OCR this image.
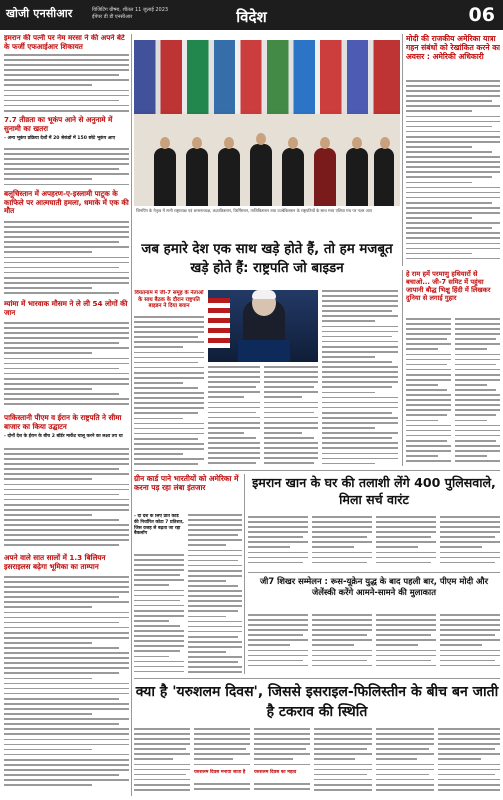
खोजी एनसीआर	विजिटिंग ग्रीष्मा, शीतल 11 जुलाई 2023
ईपेपर डी डी एनसीआर	विदेश	06
इमरान की पत्नी पर नेम मरसा ने की अपने बेटे के फर्जी एफआईआर शिकायत
7.7 तीव्रता का भूकंप आने से अनुनामे में सुनामी का खतरा
- अन्य भूकंप प्रक्रिया देशों में 20 सेकंडों में 150 छोटे भूकंप आए
बलूचिस्तान में अपहरण-ए-इस्लामी पाटूक के काफिले पर आत्मघाती हमला, धमाके में एक की मौत
म्यांमा में भारवाक मौसम ने ले ली 54 लोगों की जान
पाकिस्तानी पीएम व ईरान के राष्ट्रपति ने सीमा बाजार का किया उद्घाटन
- दोनों देश के ईरान के बीच 2 बॉर्डर मार्केट चालू करने का लक्ष्य तय था
अपने वाले सात सालों में 1.3 बिलियन इसराइलस बढ़ेगा भूमिका का ताम्पान
जिनपिंग के नेतृत्व में सभी राष्ट्राध्यक्ष एवं शासनाध्यक्ष, कज़ाकिस्तान, किर्गिस्तान, ताजिकिस्तान तथा उज्बेकिस्तान के राष्ट्रपतियों के साथ मध्य एशिया मंच पर नज़र आए
मोदी की राजकीय अमेरिका यात्रा गहन संबंधों को रेखांकित करने का अवसर : अमेरिकी अधिकारी
जब हमारे देश एक साथ खड़े होते हैं, तो हम मजबूत खड़े होते हैं: राष्ट्रपति जो बाइडन
वियतनाम में जी-7 समूह के नेताओं के साथ बैठक के दौरान राष्ट्रपति बाइडन ने दिया बयान
हे राम हमें परमाणु हथियारों से बचाओ... जी-7 समिट में पहुंचा जापानी बौद्ध भिक्षु हिंदी में लिखकर दुनिया से लगाई गुहार
ग्रीन कार्ड पाने भारतीयों को अमेरिका में करना पड़ रहा लंबा इंतजार
- दो देश के लिए प्रति कार्ड की निर्धारित कोटा 7 प्रतिशत, जिस वजह से बढ़ता जा रहा बैकलॉग
इमरान खान के घर की तलाशी लेंगे 400 पुलिसवाले, मिला सर्च वारंट
जी7 शिखर सम्मेलन : रूस-यूक्रेन युद्ध के बाद पहली बार, पीएम मोदी और जेलेंस्की करेंगे आमने-सामने की मुलाकात
क्या है 'यरुशलम दिवस', जिससे इसराइल-फिलिस्तीन के बीच बन जाती है टकराव की स्थिति
यरुशलम दिवस मनाया जाता है	यरुशलम दिवस का महत्व
